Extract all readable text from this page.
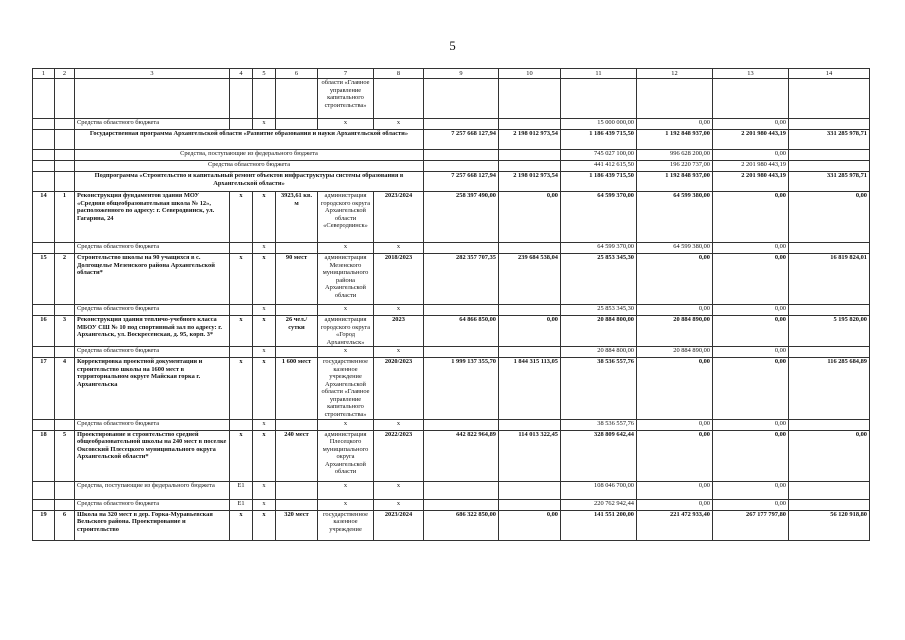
5
1	2	3	4	5	6	7	8	9	10	11	12	13	14
						области «Главное управление капитального строительства»							
		Средства областного бюджета		х		х	х			15 000 000,00	0,00	0,00	
		Государственная программа Архангельской области «Развитие образования и науки Архангельской области»						7 257 668 127,94	2 198 012 973,54	1 186 439 715,50	1 192 848 937,00	2 201 980 443,19	331 285 978,71
		Средства, поступающие из федерального бюджета								745 027 100,00	996 628 200,00	0,00	
		Средства областного бюджета								441 412 615,50	196 220 737,00	2 201 980 443,19	
		Подпрограмма «Строительство и капитальный ремонт объектов инфраструктуры системы образования в Архангельской области»						7 257 668 127,94	2 198 012 973,54	1 186 439 715,50	1 192 848 937,00	2 201 980 443,19	331 285 978,71
14	1	Реконструкция фундаментов здания МОУ «Средняя общеобразовательная школа № 12», расположенного по адресу: г. Северодвинск, ул. Гагарина, 24	х	х	3923,61 кв. м	администрация городского округа Архангельской области «Северодвинск»	2023/2024	258 397 490,00	0,00	64 599 370,00	64 599 380,00	0,00	0,00
		Средства областного бюджета		х		х	х			64 599 370,00	64 599 380,00	0,00	
15	2	Строительство школы на 90 учащихся в с. Долгощелье Мезенского района Архангельской области*	х	х	90 мест	администрация Мезенского муниципального района Архангельской области	2018/2023	282 357 707,35	239 684 538,04	25 853 345,30	0,00	0,00	16 819 824,01
		Средства областного бюджета		х		х	х			25 853 345,30	0,00	0,00	
16	3	Реконструкция здания тепличо-учебного класса МБОУ СШ № 10 под спортивный зал по адресу: г. Архангельск, ул. Воскресенская, д. 95, корп. 3*	х	х	26 чел./сутки	администрация городского округа «Город Архангельск»	2023	64 866 850,00	0,00	20 884 800,00	20 884 890,00	0,00	5 195 820,00
		Средства областного бюджета		х		х	х			20 884 800,00	20 884 890,00	0,00	
17	4	Корректировка проектной документации и строительство школы на 1600 мест в территориальном округе Майская горка г. Архангельска	х	х	1 600 мест	государственное казенное учреждение Архангельской области «Главное управление капитального строительства»	2020/2023	1 999 137 355,70	1 844 315 113,05	38 536 557,76	0,00	0,00	116 285 684,89
		Средства областного бюджета		х		х	х			38 536 557,76	0,00	0,00	
18	5	Проектирование и строительство средней общеобразовательной школы на 240 мест в поселке Оксовский Плесецкого муниципального округа Архангельской области*	х	х	240 мест	администрация Плесецкого муниципального округа Архангельской области	2022/2023	442 822 964,89	114 013 322,45	328 809 642,44	0,00	0,00	0,00
		Средства, поступающие из федерального бюджета	Е1	х		х	х			108 046 700,00	0,00	0,00	
		Средства областного бюджета	Е1	х		х	х			220 762 942,44	0,00	0,00	
19	6	Школа на 320 мест в дер. Горка-Муравьевская Вельского района. Проектирование и строительство	х	х	320 мест	государственное казенное учреждение	2023/2024	686 322 850,00	0,00	141 551 200,00	221 472 933,40	267 177 797,80	56 120 918,80
